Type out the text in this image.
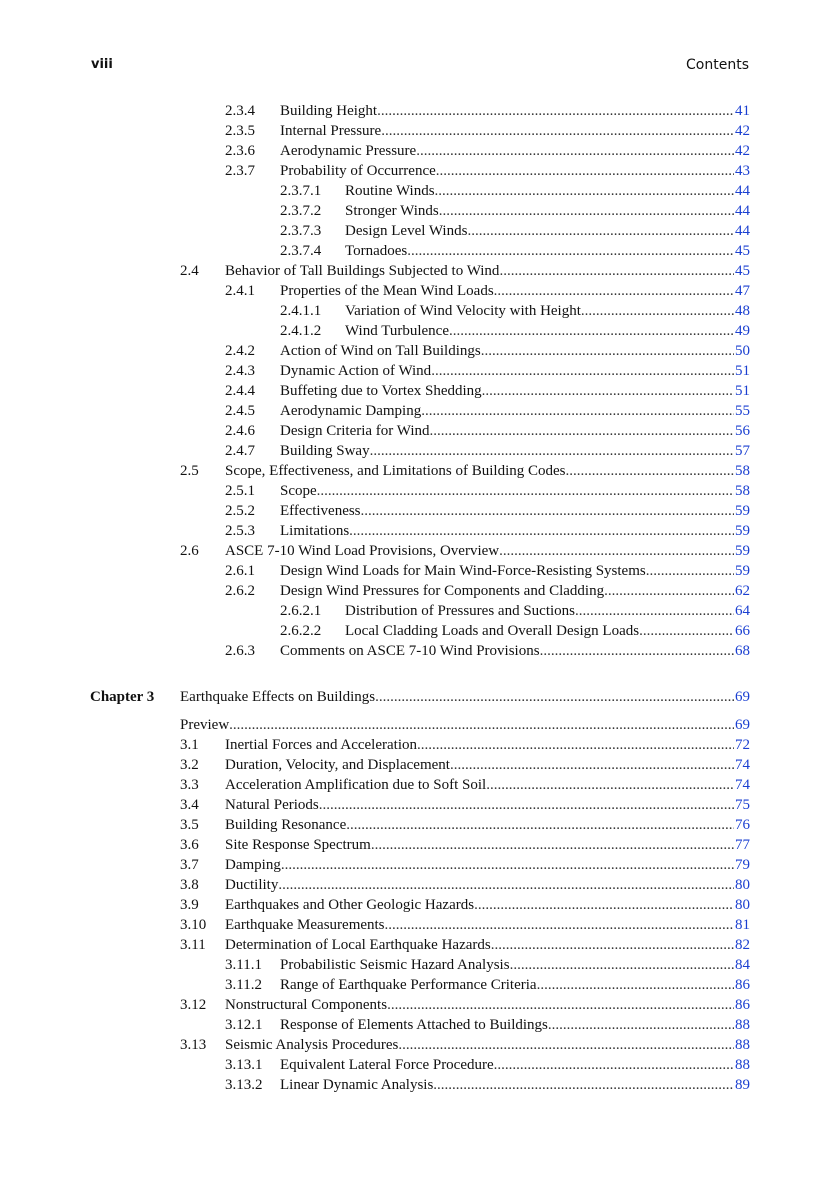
viii	Contents
2.3.4 Building Height .....	41
2.3.5 Internal Pressure .....	42
2.3.6 Aerodynamic Pressure .....	42
2.3.7 Probability of Occurrence .....	43
2.3.7.1 Routine Winds .....	44
2.3.7.2 Stronger Winds .....	44
2.3.7.3 Design Level Winds .....	44
2.3.7.4 Tornadoes .....	45
2.4 Behavior of Tall Buildings Subjected to Wind .....	45
2.4.1 Properties of the Mean Wind Loads .....	47
2.4.1.1 Variation of Wind Velocity with Height .....	48
2.4.1.2 Wind Turbulence .....	49
2.4.2 Action of Wind on Tall Buildings .....	50
2.4.3 Dynamic Action of Wind .....	51
2.4.4 Buffeting due to Vortex Shedding .....	51
2.4.5 Aerodynamic Damping .....	55
2.4.6 Design Criteria for Wind .....	56
2.4.7 Building Sway .....	57
2.5 Scope, Effectiveness, and Limitations of Building Codes .....	58
2.5.1 Scope .....	58
2.5.2 Effectiveness .....	59
2.5.3 Limitations .....	59
2.6 ASCE 7-10 Wind Load Provisions, Overview .....	59
2.6.1 Design Wind Loads for Main Wind-Force-Resisting Systems .....	59
2.6.2 Design Wind Pressures for Components and Cladding .....	62
2.6.2.1 Distribution of Pressures and Suctions .....	64
2.6.2.2 Local Cladding Loads and Overall Design Loads .....	66
2.6.3 Comments on ASCE 7-10 Wind Provisions .....	68
Chapter 3 Earthquake Effects on Buildings .....	69
Preview .....	69
3.1 Inertial Forces and Acceleration .....	72
3.2 Duration, Velocity, and Displacement .....	74
3.3 Acceleration Amplification due to Soft Soil .....	74
3.4 Natural Periods .....	75
3.5 Building Resonance .....	76
3.6 Site Response Spectrum .....	77
3.7 Damping .....	79
3.8 Ductility .....	80
3.9 Earthquakes and Other Geologic Hazards .....	80
3.10 Earthquake Measurements .....	81
3.11 Determination of Local Earthquake Hazards .....	82
3.11.1 Probabilistic Seismic Hazard Analysis .....	84
3.11.2 Range of Earthquake Performance Criteria .....	86
3.12 Nonstructural Components .....	86
3.12.1 Response of Elements Attached to Buildings .....	88
3.13 Seismic Analysis Procedures .....	88
3.13.1 Equivalent Lateral Force Procedure .....	88
3.13.2 Linear Dynamic Analysis .....	89
